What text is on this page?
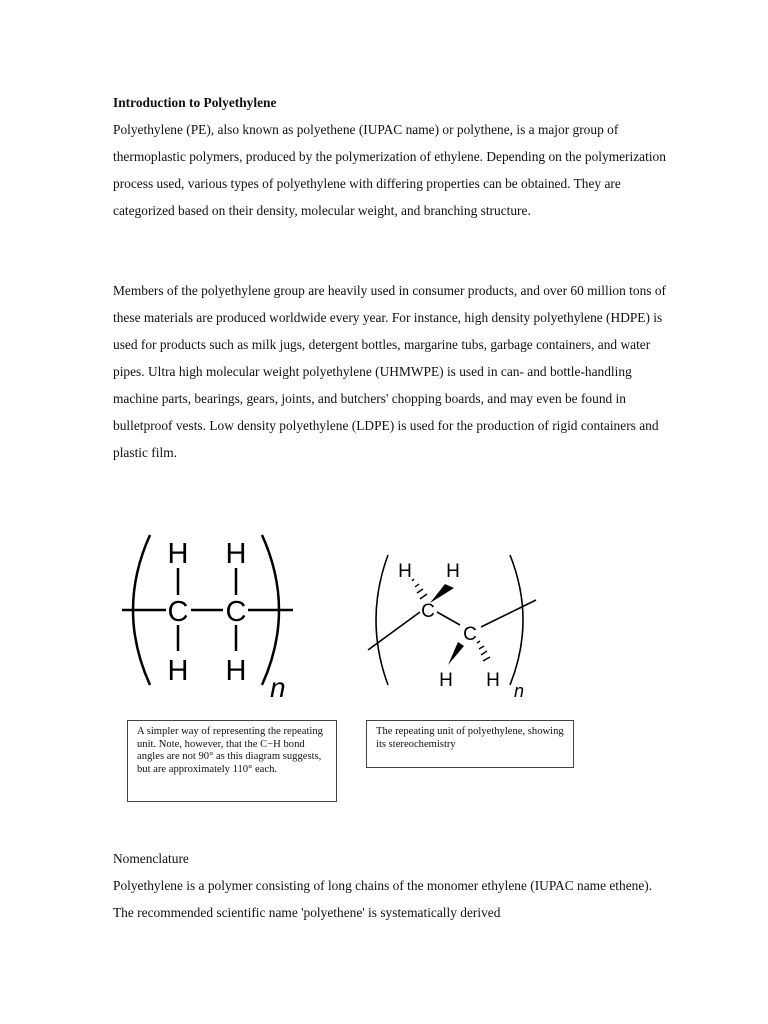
Introduction to Polyethylene

Polyethylene (PE), also known as polyethene (IUPAC name) or polythene, is a major group of thermoplastic polymers, produced by the polymerization of ethylene. Depending on the polymerization process used, various types of polyethylene with differing properties can be obtained. They are categorized based on their density, molecular weight, and branching structure.

Members of the polyethylene group are heavily used in consumer products, and over 60 million tons of these materials are produced worldwide every year. For instance, high density polyethylene (HDPE) is used for products such as milk jugs, detergent bottles, margarine tubs, garbage containers, and water pipes. Ultra high molecular weight polyethylene (UHMWPE) is used in can- and bottle-handling machine parts, bearings, gears, joints, and butchers' chopping boards, and may even be found in bulletproof vests. Low density polyethylene (LDPE) is used for the production of rigid containers and plastic film.

H H
C C
H H
n
H H
C
C
H H n
A simpler way of representing the repeating unit. Note, however, that the C−H bond angles are not 90° as this diagram suggests, but are approximately 110° each.
The repeating unit of polyethylene, showing its stereochemistry

Nomenclature

Polyethylene is a polymer consisting of long chains of the monomer ethylene (IUPAC name ethene). The recommended scientific name 'polyethene' is systematically derived
